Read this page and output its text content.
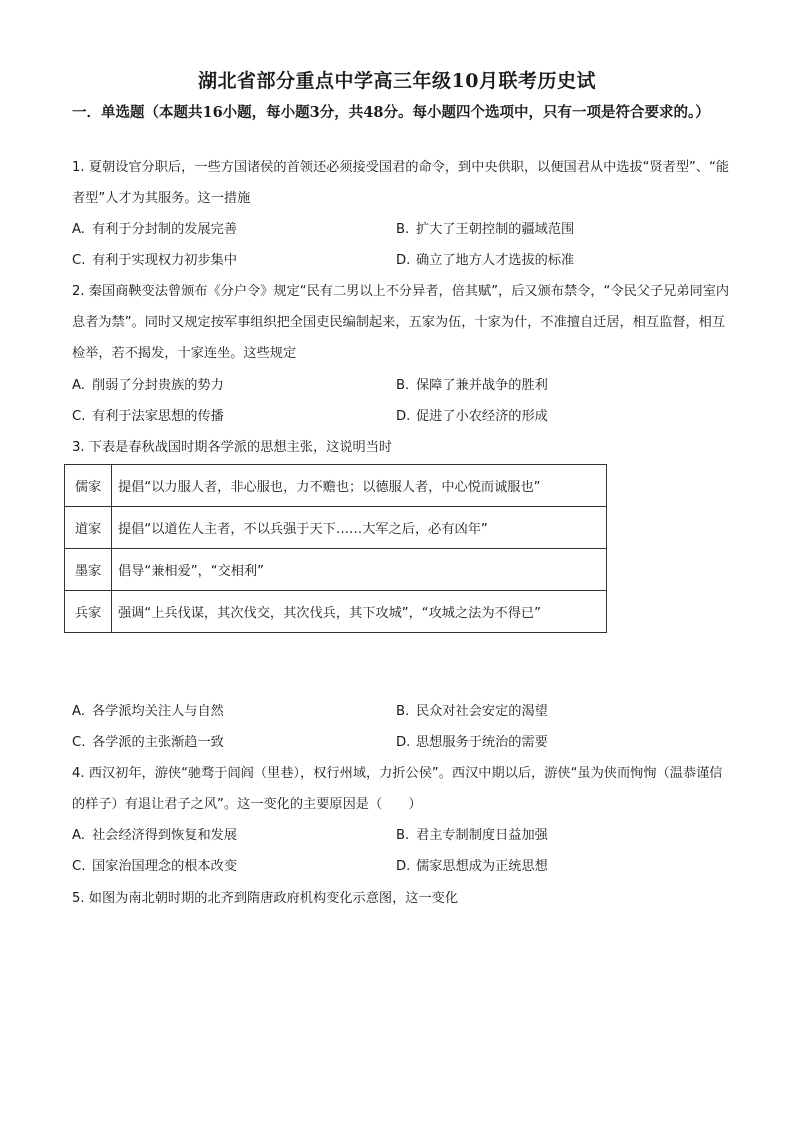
湖北省部分重点中学高三年级10月联考历史试
一．单选题（本题共16小题，每小题3分，共48分。每小题四个选项中，只有一项是符合要求的。）
1. 夏朝设官分职后，一些方国诸侯的首领还必须接受国君的命令，到中央供职，以便国君从中选拔“贤者型”、“能者型”人才为其服务。这一措施
A. 有利于分封制的发展完善	B. 扩大了王朝控制的疆域范围
C. 有利于实现权力初步集中	D. 确立了地方人才选拔的标准
2. 秦国商鞅变法曾颁布《分户令》规定“民有二男以上不分异者，倍其赋”，后又颁布禁令，“令民父子兄弟同室内息者为禁”。同时又规定按军事组织把全国吏民编制起来，五家为伍，十家为什，不准擅自迁居，相互监督，相互检举，若不揭发，十家连坐。这些规定
A. 削弱了分封贵族的势力	B. 保障了兼并战争的胜利
C. 有利于法家思想的传播	D. 促进了小农经济的形成
3. 下表是春秋战国时期各学派的思想主张，这说明当时
儒家	提倡“以力服人者，非心服也，力不赡也；以德服人者，中心悦而诚服也”
道家	提倡“以道佐人主者，不以兵强于天下……大军之后，必有凶年”
墨家	倡导“兼相爱”，“交相利”
兵家	强调“上兵伐谋，其次伐交，其次伐兵，其下攻城”，“攻城之法为不得已”
A. 各学派均关注人与自然	B. 民众对社会安定的渴望
C. 各学派的主张渐趋一致	D. 思想服务于统治的需要
4. 西汉初年，游侠“驰骛于闾阎（里巷），权行州域，力折公侯”。西汉中期以后，游侠“虽为侠而恂恂（温恭谨信的样子）有退让君子之风”。这一变化的主要原因是（　　）
A. 社会经济得到恢复和发展	B. 君主专制制度日益加强
C. 国家治国理念的根本改变	D. 儒家思想成为正统思想
5. 如图为南北朝时期的北齐到隋唐政府机构变化示意图，这一变化
